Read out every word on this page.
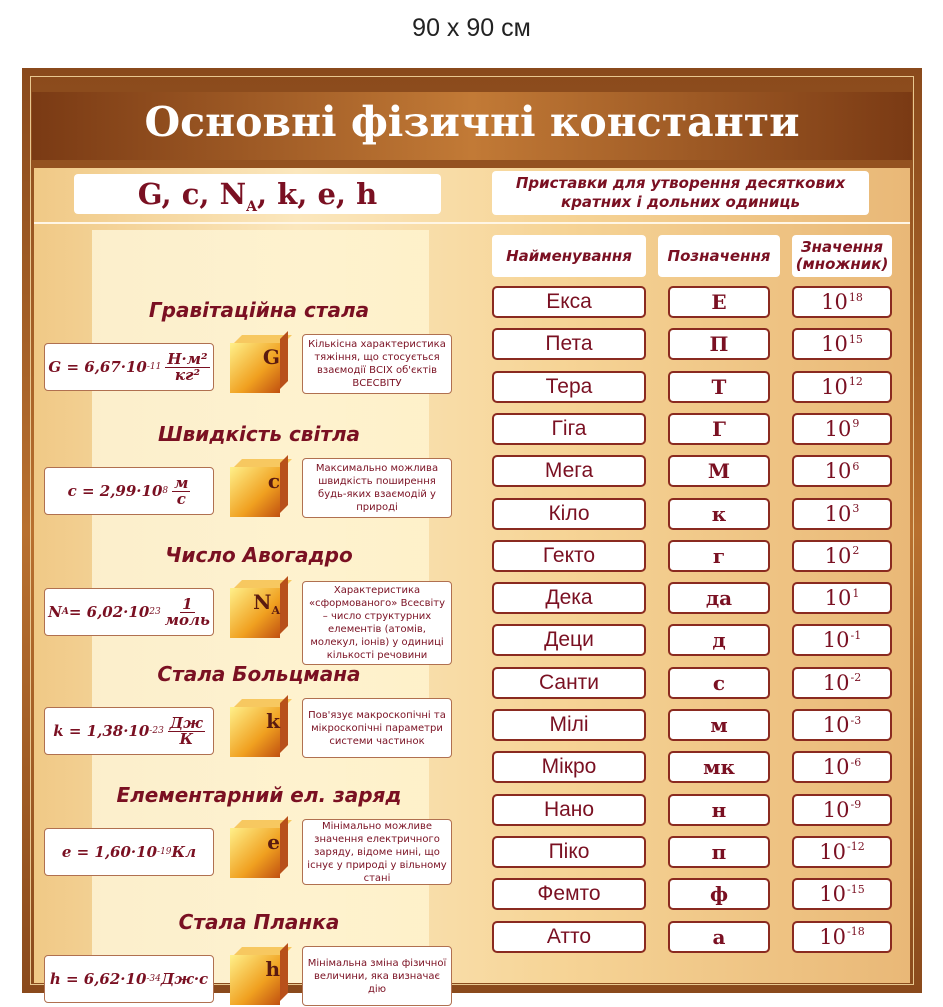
90 x 90 см
Основні фізичні константи
G, c, $N_A$, k, e, h	Приставки для утворення десяткових кратних і дольних одиниць
Найменування	Позначення	Значення (множник)
Гравітаційна стала
G = 6,67·10 $-11 \frac{\text{Н·м²}}{\text{кг²}}$	G
Кількісна характеристика тяжіння, що стосується взаємодії ВСІХ об'єктів ВСЕСВІТУ
Швидкість світла
c = 2,99·10 $8 \frac{м}{с}$	c
Максимально можлива швидкість поширення будь-яких взаємодій у природі
Число Авогадро
N A = 6,02·10 $23 \frac{1}{\text{моль}} N_A$
Характеристика «сформованого» Всесвіту – число структурних елементів (атомів, молекул, іонів) у одиниці кількості речовини
Стала Больцмана
k = 1,38·10 $-23 \frac{Дж}{К}$	k	Пов'язує макроскопічні та мікроскопічні параметри системи частинок
Елементарний ел. заряд
e = 1,60·10 -19 Кл	e
Мінімально можливе значення електричного заряду, відоме нині, що існує у природі у вільному стані
Стала Планка
h = 6,62·10 -34 Дж·с	h	Мінімальна зміна фізичної величини, яка визначає дію
Екса	Е	$10^{18}$
Пета	П	$10^{15}$
Тера	Т	$10^{12}$
Гіга	Г	$10^9$
Мега	М	$10^6$
Кіло	к	$10^3$
Гекто	г	$10^2$
Дека	да	$10^1$
Деци	д	$10^{-1}$
Санти	с	$10^{-2}$
Мілі	м	$10^{-3}$
Мікро	мк	$10^{-6}$
Нано	н	$10^{-9}$
Піко	п	$10^{-12}$
Фемто	ф	$10^{-15}$
Атто	а	$10^{-18}$
